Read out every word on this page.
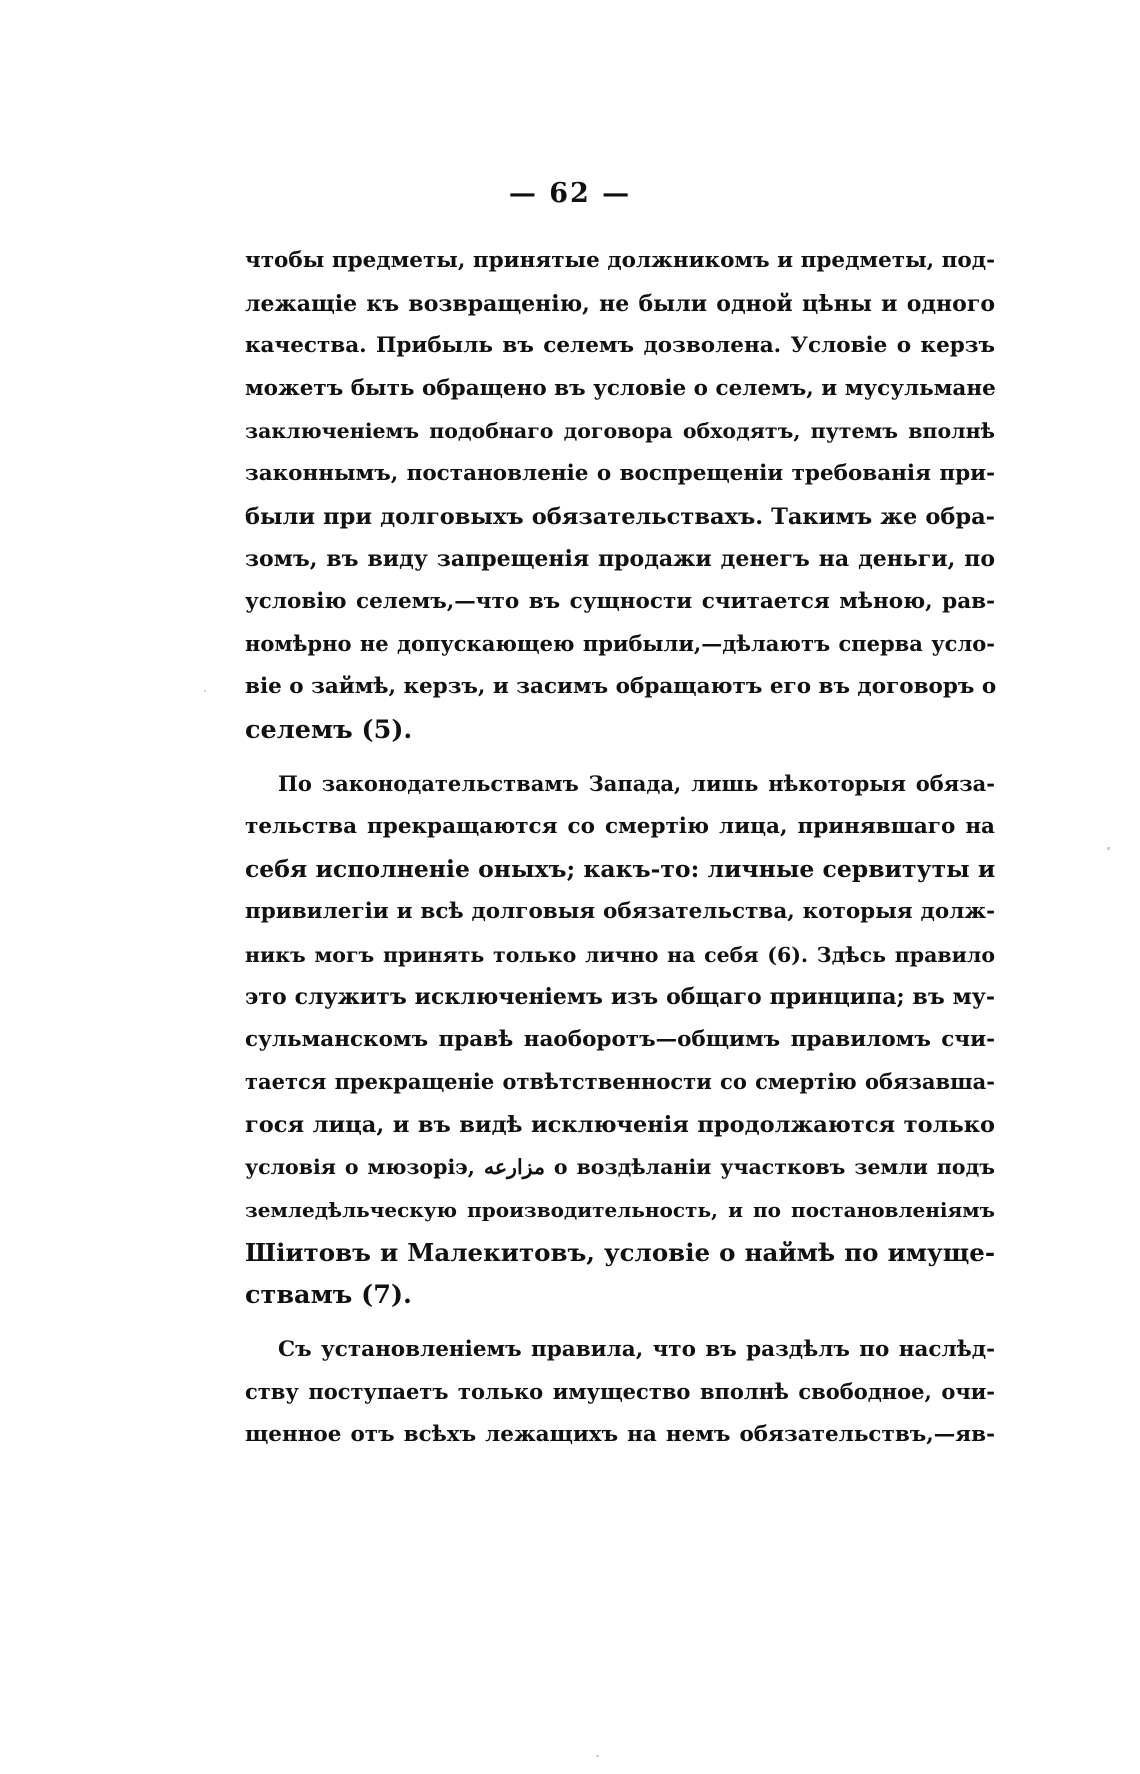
— 62 —
чтобы предметы, принятые должникомъ и предметы, под-
лежащіе къ возвращенію, не были одной цѣны и одного
качества. Прибыль въ селемъ дозволена. Условіе о керзъ
можетъ быть обращено въ условіе о селемъ, и мусульмане
заключеніемъ подобнаго договора обходятъ, путемъ вполнѣ
законнымъ, постановленіе о воспрещеніи требованія при-
были при долговыхъ обязательствахъ. Такимъ же обра-
зомъ, въ виду запрещенія продажи денегъ на деньги, по
условію селемъ,—что въ сущности считается мѣною, рав-
номѣрно не допускающею прибыли,—дѣлаютъ сперва усло-
віе о займѣ, керзъ, и засимъ обращаютъ его въ договоръ о
селемъ (5).
По законодательствамъ Запада, лишь нѣкоторыя обяза-
тельства прекращаются со смертію лица, принявшаго на
себя исполненіе оныхъ; какъ-то: личные сервитуты и
привилегіи и всѣ долговыя обязательства, которыя долж-
никъ могъ принять только лично на себя (6). Здѣсь правило
это служитъ исключеніемъ изъ общаго принципа; въ му-
сульманскомъ правѣ наоборотъ—общимъ правиломъ счи-
тается прекращеніе отвѣтственности со смертію обязавша-
гося лица, и въ видѣ исключенія продолжаются только
условія о мюзоріэ, مزارعه о воздѣланіи участковъ земли подъ
земледѣльческую производительность, и по постановленіямъ
Шіитовъ и Малекитовъ, условіе о наймѣ по имуще-
ствамъ (7).
Съ установленіемъ правила, что въ раздѣлъ по наслѣд-
ству поступаетъ только имущество вполнѣ свободное, очи-
щенное отъ всѣхъ лежащихъ на немъ обязательствъ,—яв-
